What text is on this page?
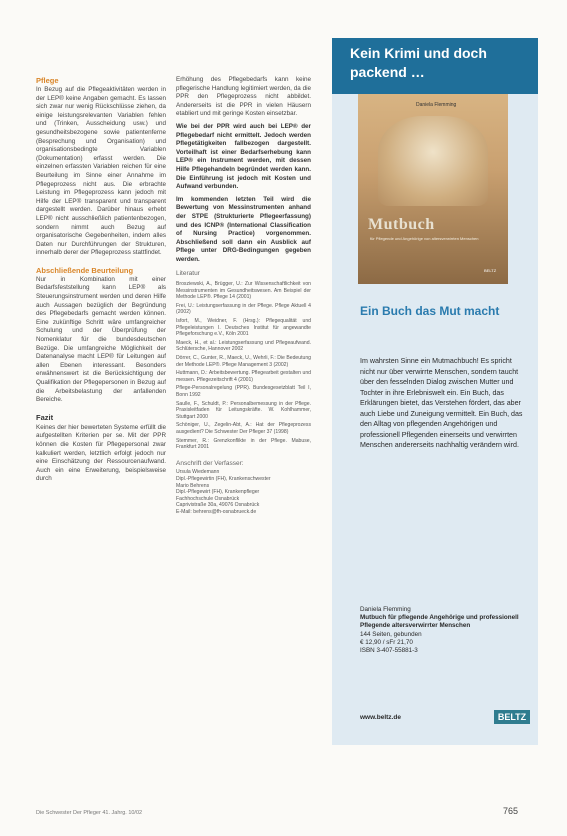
Pflege

In Bezug auf die Pflegeaktivitäten werden in der LEP® keine Angaben gemacht. Es lassen sich zwar nur wenig Rückschlüsse ziehen, da einige leistungsrelevanten Variablen fehlen und (Trinken, Ausscheidung usw.) und gesundheitsbezogene sowie patientenferne (Besprechung und Organisation) und organisationsbedingte Variablen (Dokumentation) erfasst werden. Die einzelnen erfassten Variablen reichen für eine Beurteilung im Sinne einer Annahme im Pflegeprozess nicht aus. Die erbrachte Leistung im Pflegeprozess kann jedoch mit Hilfe der LEP® transparent und transparent dargestellt werden. Darüber hinaus erhebt LEP® nicht ausschließlich patientenbezogen, sondern nimmt auch Bezug auf organisatorische Gegebenheiten, indem alles Daten nur Durchführungen der Strukturen, innerhalb derer der Pflegeprozess stattfindet.

Abschließende Beurteilung

Nur in Kombination mit einer Bedarfsfeststellung kann LEP® als Steuerungsinstrument werden und deren Hilfe auch Aussagen bezüglich der Begründung des Pflegebedarfs gemacht werden können. Eine zukünftige Schritt wäre umfangreicher Schulung und der Überprüfung der Nomenklatur für die bundesdeutschen Bezüge. Die umfangreiche Möglichkeit der Datenanalyse macht LEP® für Leitungen auf allen Ebenen interessant. Besonders erwähnenswert ist die Berücksichtigung der Qualifikation der Pflegepersonen in Bezug auf die Arbeitsbelastung der anfallenden Bereiche.

Fazit

Keines der hier bewerteten Systeme erfüllt die aufgestellten Kriterien per se. Mit der PPR können die Kosten für Pflegepersonal zwar kalkuliert werden, letztlich erfolgt jedoch nur eine Einschätzung der Ressourcenaufwand. Auch ein eine Erweiterung, beispielsweise durch

Erhöhung des Pflegebedarfs kann keine pflegerische Handlung legitimiert werden, da die PPR den Pflegeprozess nicht abbildet. Andererseits ist die PPR in vielen Häusern etabliert und mit geringe Kosten einsetzbar.

Wie bei der PPR wird auch bei LEP® der Pflegebedarf nicht ermittelt. Jedoch werden Pflegetätigkeiten fallbezogen dargestellt. Vorteilhaft ist einer Bedarfserhebung kann LEP® ein Instrument werden, mit dessen Hilfe Pflegehandeln begründet werden kann. Die Einführung ist jedoch mit Kosten und Aufwand verbunden.

Im kommenden letzten Teil wird die Bewertung von Messinstrumenten anhand der STPE (Strukturierte Pflegeerfassung) und des ICNP® (International Classification of Nursing Practice) vorgenommen. Abschließend soll dann ein Ausblick auf Pflege unter DRG-Bedingungen gegeben werden.

Literatur

Brosziewski, A., Brügger, U.: Zur Wissenschaftlichkeit von Messinstrumenten im Gesundheitswesen. Am Beispiel der Methode LEP®. Pflege 14 (2001)

Frei, U.: Leistungserfassung in der Pflege. Pflege Aktuell 4 (2002)

Isfort, M., Weidner, F. (Hrsg.): Pflegequalität und Pflegeleistungen I. Deutsches Institut für angewandte Pflegeforschung e.V., Köln 2001

Maeck, H., et al.: Leistungserfassung und Pflegeaufwand. Schlütersche, Hannover 2002

Dörrer, C., Gunter, R., Maeck, U., Wehrli, F.: Die Bedeutung der Methode LEP®. Pflege Management 3 (2002)

Huttmann, D.: Arbeitsbewertung. Pflegearbeit gestalten und messen. Pflegezeitschrift 4 (2001)

Pflege-Personalregelung (PPR). Bundesgesetzblatt Teil I, Bonn 1992

Saulle, F., Schuldt, P.: Personalbemessung in der Pflege. Praxisleitfaden für Leitungskräfte. W. Kohlhammer, Stuttgart 2000

Schöniger, U., Zegelin-Abt, A.: Hat der Pflegeprozess ausgedient? Die Schwester Der Pfleger 37 (1998)

Stemmer, R.: Grenzkonflikte in der Pflege. Mabuse, Frankfurt 2001

Anschrift der Verfasser:
Ursula Wiedemann
Dipl.-Pflegewirtin (FH), Krankenschwester
Mario Behrens
Dipl.-Pflegewirt (FH), Krankenpfleger
Fachhochschule Osnabrück
Caprivistraße 30a, 49076 Osnabrück
E-Mail: behrens@fh-osnabrueck.de
Kein Krimi und doch packend …
Daniela Flemming
Mutbuch
für Pflegende und Angehörige von altersverwirrten Menschen
BELTZ
Ein Buch das Mut macht
Im wahrsten Sinne ein Mutmachbuch! Es spricht nicht nur über verwirrte Menschen, sondern taucht über den fesselnden Dialog zwischen Mutter und Tochter in ihre Erlebniswelt ein. Ein Buch, das Erklärungen bietet, das Verstehen fördert, das aber auch Liebe und Zuneigung vermittelt. Ein Buch, das den Alltag von pflegenden Angehörigen und professionell Pflegenden einerseits und verwirrten Menschen andererseits nachhaltig verändern wird.
Daniela Flemming
Mutbuch für pflegende Angehörige und professionell Pflegende altersverwirrter Menschen
144 Seiten, gebunden
€ 12,90 / sFr 21,70
ISBN 3-407-55881-3
www.beltz.de	BELTZ
Die Schwester Der Pfleger 41. Jahrg. 10/02	765
